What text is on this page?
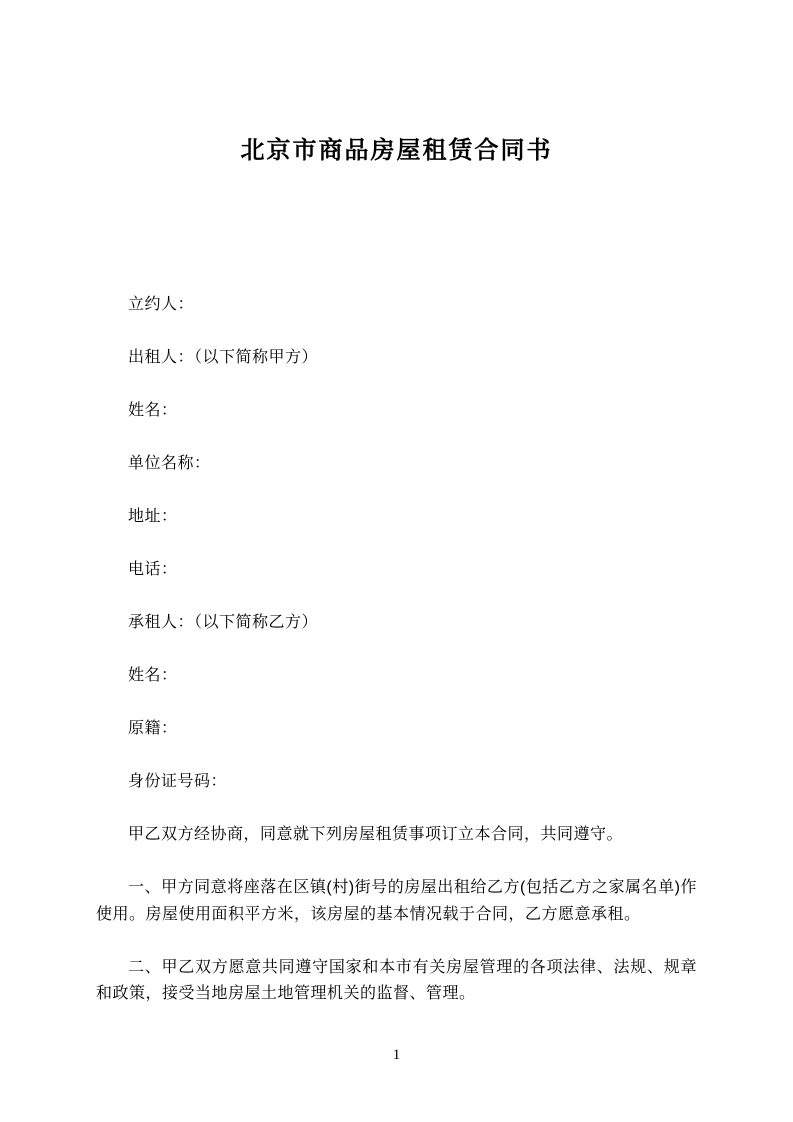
北京市商品房屋租赁合同书

立约人：

出租人：（以下简称甲方）

姓名：

单位名称：

地址：

电话：

承租人：（以下简称乙方）

姓名：

原籍：

身份证号码：

甲乙双方经协商，同意就下列房屋租赁事项订立本合同，共同遵守。

一、甲方同意将座落在区镇(村)街号的房屋出租给乙方(包括乙方之家属名单)作使用。房屋使用面积平方米，该房屋的基本情况载于合同，乙方愿意承租。

二、甲乙双方愿意共同遵守国家和本市有关房屋管理的各项法律、法规、规章和政策，接受当地房屋土地管理机关的监督、管理。

1
